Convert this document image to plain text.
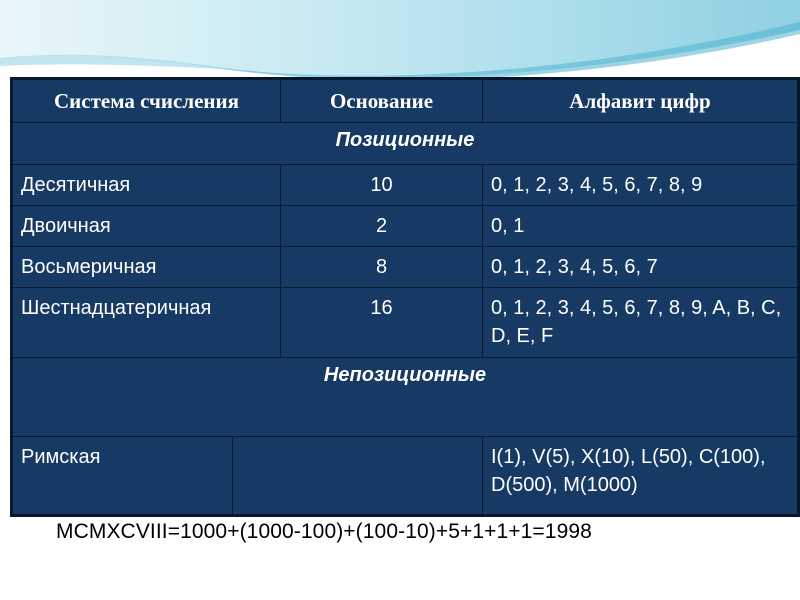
Система счисления		Основание	Алфавит цифр
Позиционные			
Десятичная		10	0, 1, 2, 3, 4, 5, 6, 7, 8, 9
Двоичная		2	0, 1
Восьмеричная		8	0, 1, 2, 3, 4, 5, 6, 7
Шестнадцатеричная		16	0, 1, 2, 3, 4, 5, 6, 7, 8, 9, A, B, C, D, E, F
Непозиционные			
Римская			I(1), V(5), X(10), L(50), C(100), D(500), M(1000)
MCMXCVIII=1000+(1000-100)+(100-10)+5+1+1+1=1998
